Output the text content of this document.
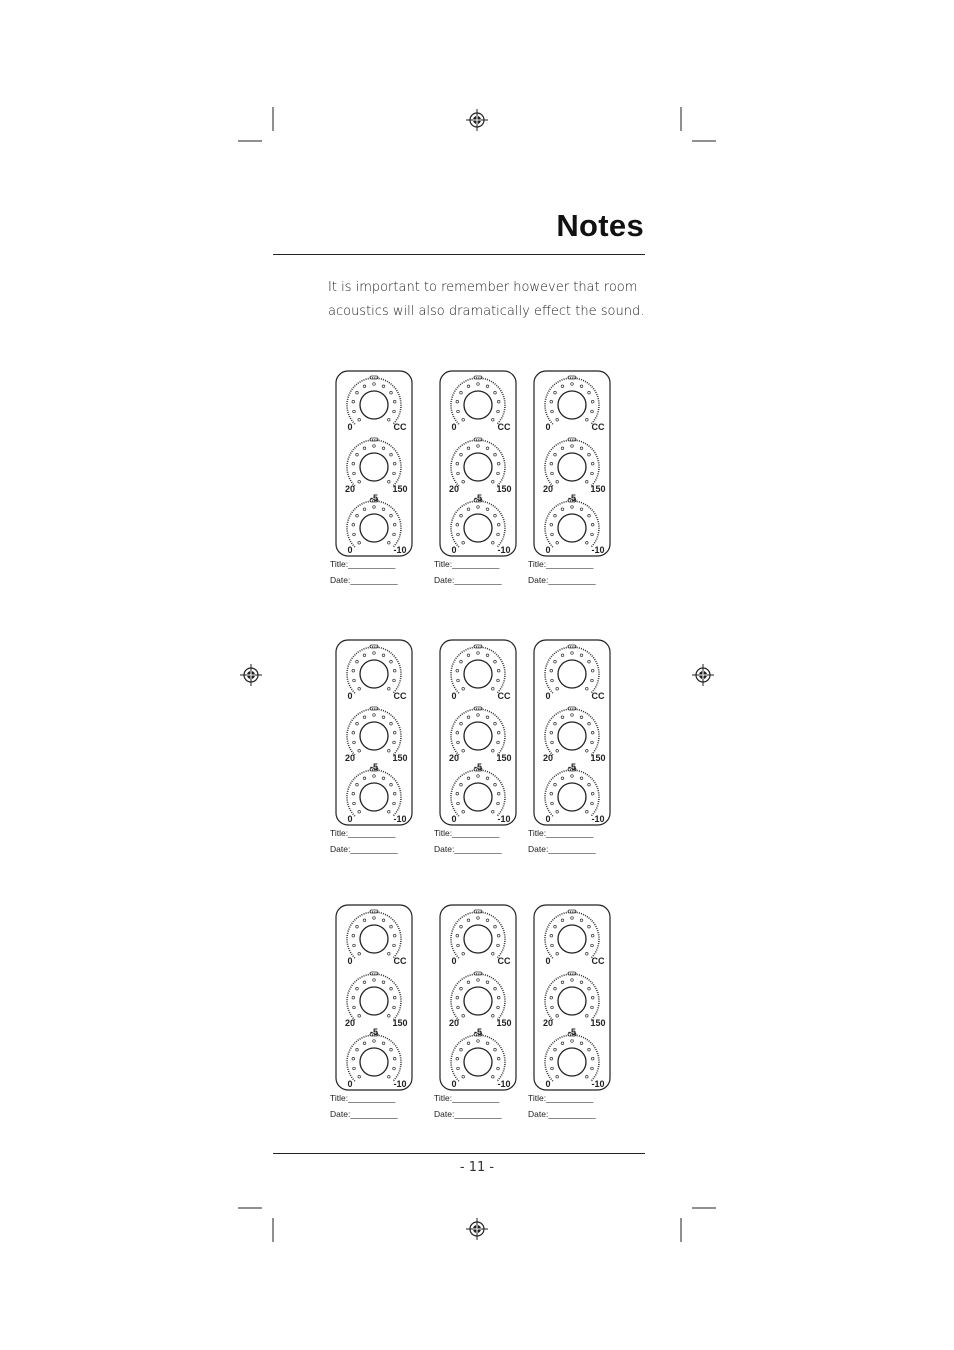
Notes
It is important to remember however that room
acoustics will also dramatically effect the sound.
0	CC
20	150
0	-10
-5
Title:__________
Date:__________
0	CC
20	150
0	-10
-5
Title:__________
Date:__________
0	CC
20	150
0	-10
-5
Title:__________
Date:__________
0	CC
20	150
0	-10
-5
Title:__________
Date:__________
0	CC
20	150
0	-10
-5
Title:__________
Date:__________
0	CC
20	150
0	-10
-5
Title:__________
Date:__________
0	CC
20	150
0	-10
-5
Title:__________
Date:__________
0	CC
20	150
0	-10
-5
Title:__________
Date:__________
0	CC
20	150
0	-10
-5
Title:__________
Date:__________
- 11 -
